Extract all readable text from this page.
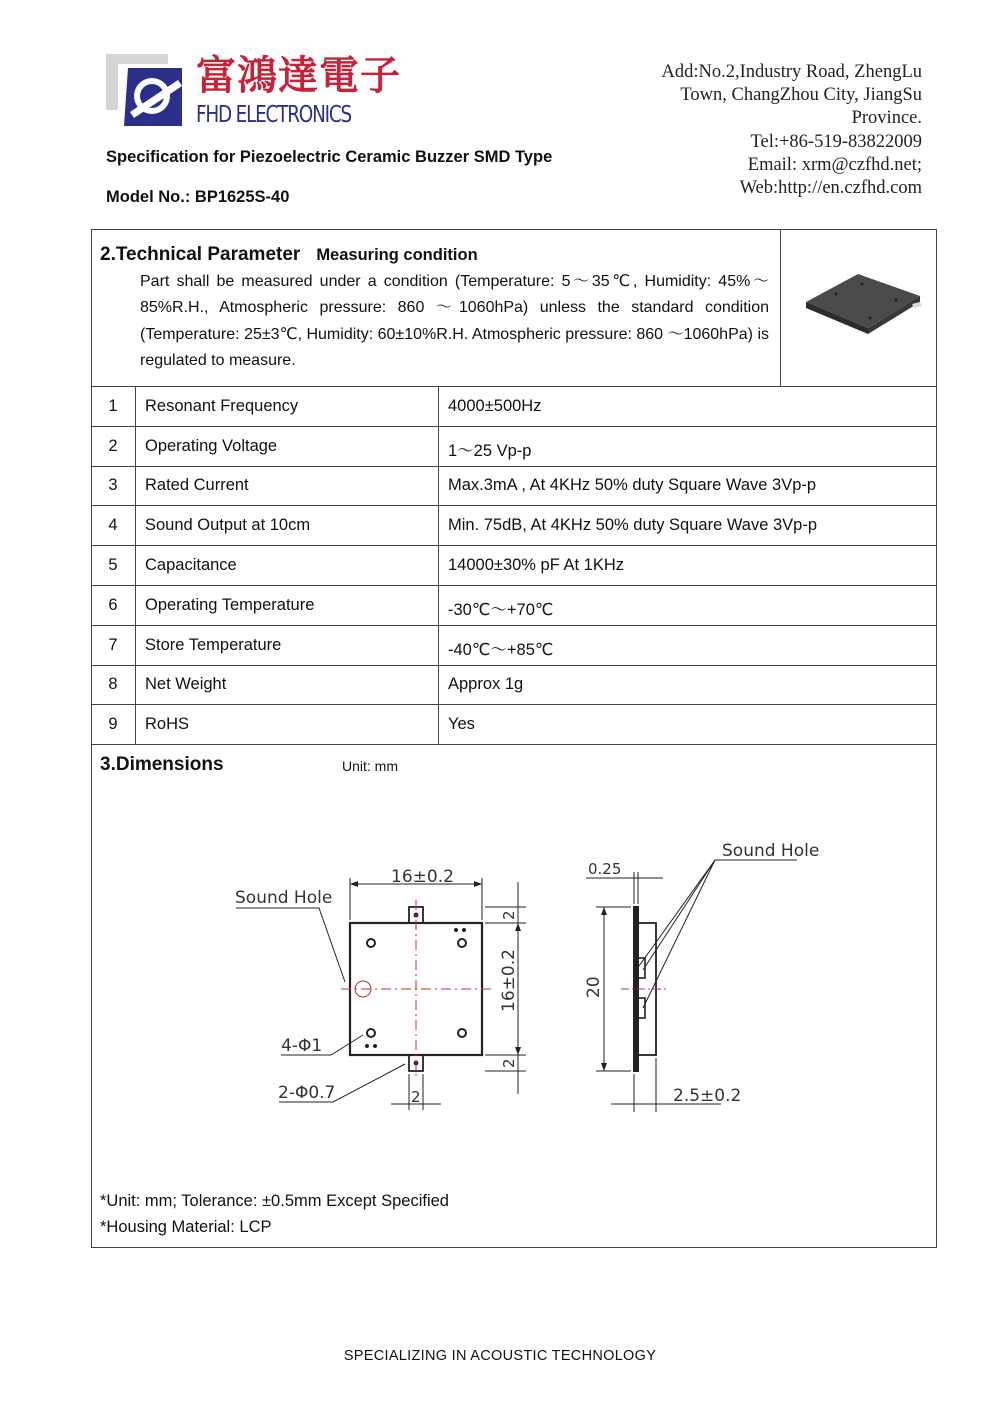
富鴻達電子
FHD ELECTRONICS
Specification for Piezoelectric Ceramic Buzzer SMD Type
Model No.: BP1625S-40
Add:No.2,Industry Road, ZhengLu
Town, ChangZhou City, JiangSu
Province.
Tel:+86-519-83822009
Email: xrm@czfhd.net;
Web:http://en.czfhd.com
2.Technical Parameter Measuring condition
Part shall be measured under a condition (Temperature: 5～35℃, Humidity: 45%～85%R.H., Atmospheric pressure: 860 ～1060hPa) unless the standard condition (Temperature: 25±3℃, Humidity: 60±10%R.H. Atmospheric pressure: 860 ～1060hPa) is regulated to measure.
1 Resonant Frequency	4000±500Hz
2 Operating Voltage	1～25 Vp-p
3 Rated Current	Max.3mA , At 4KHz 50% duty Square Wave 3Vp-p
4 Sound Output at 10cm	Min. 75dB, At 4KHz 50% duty Square Wave 3Vp-p
5 Capacitance	14000±30% pF At 1KHz
6 Operating Temperature	-30℃～+70℃
7 Store Temperature	-40℃～+85℃
8 Net Weight	Approx 1g
9 RoHS	Yes
3.Dimensions	Unit: mm
16±0.2
2
16±0.2
2
2
Sound Hole
4-Φ1
2-Φ0.7
0.25
20
2.5±0.2
Sound Hole
*Unit: mm; Tolerance: ±0.5mm Except Specified
*Housing Material: LCP
SPECIALIZING IN ACOUSTIC TECHNOLOGY
